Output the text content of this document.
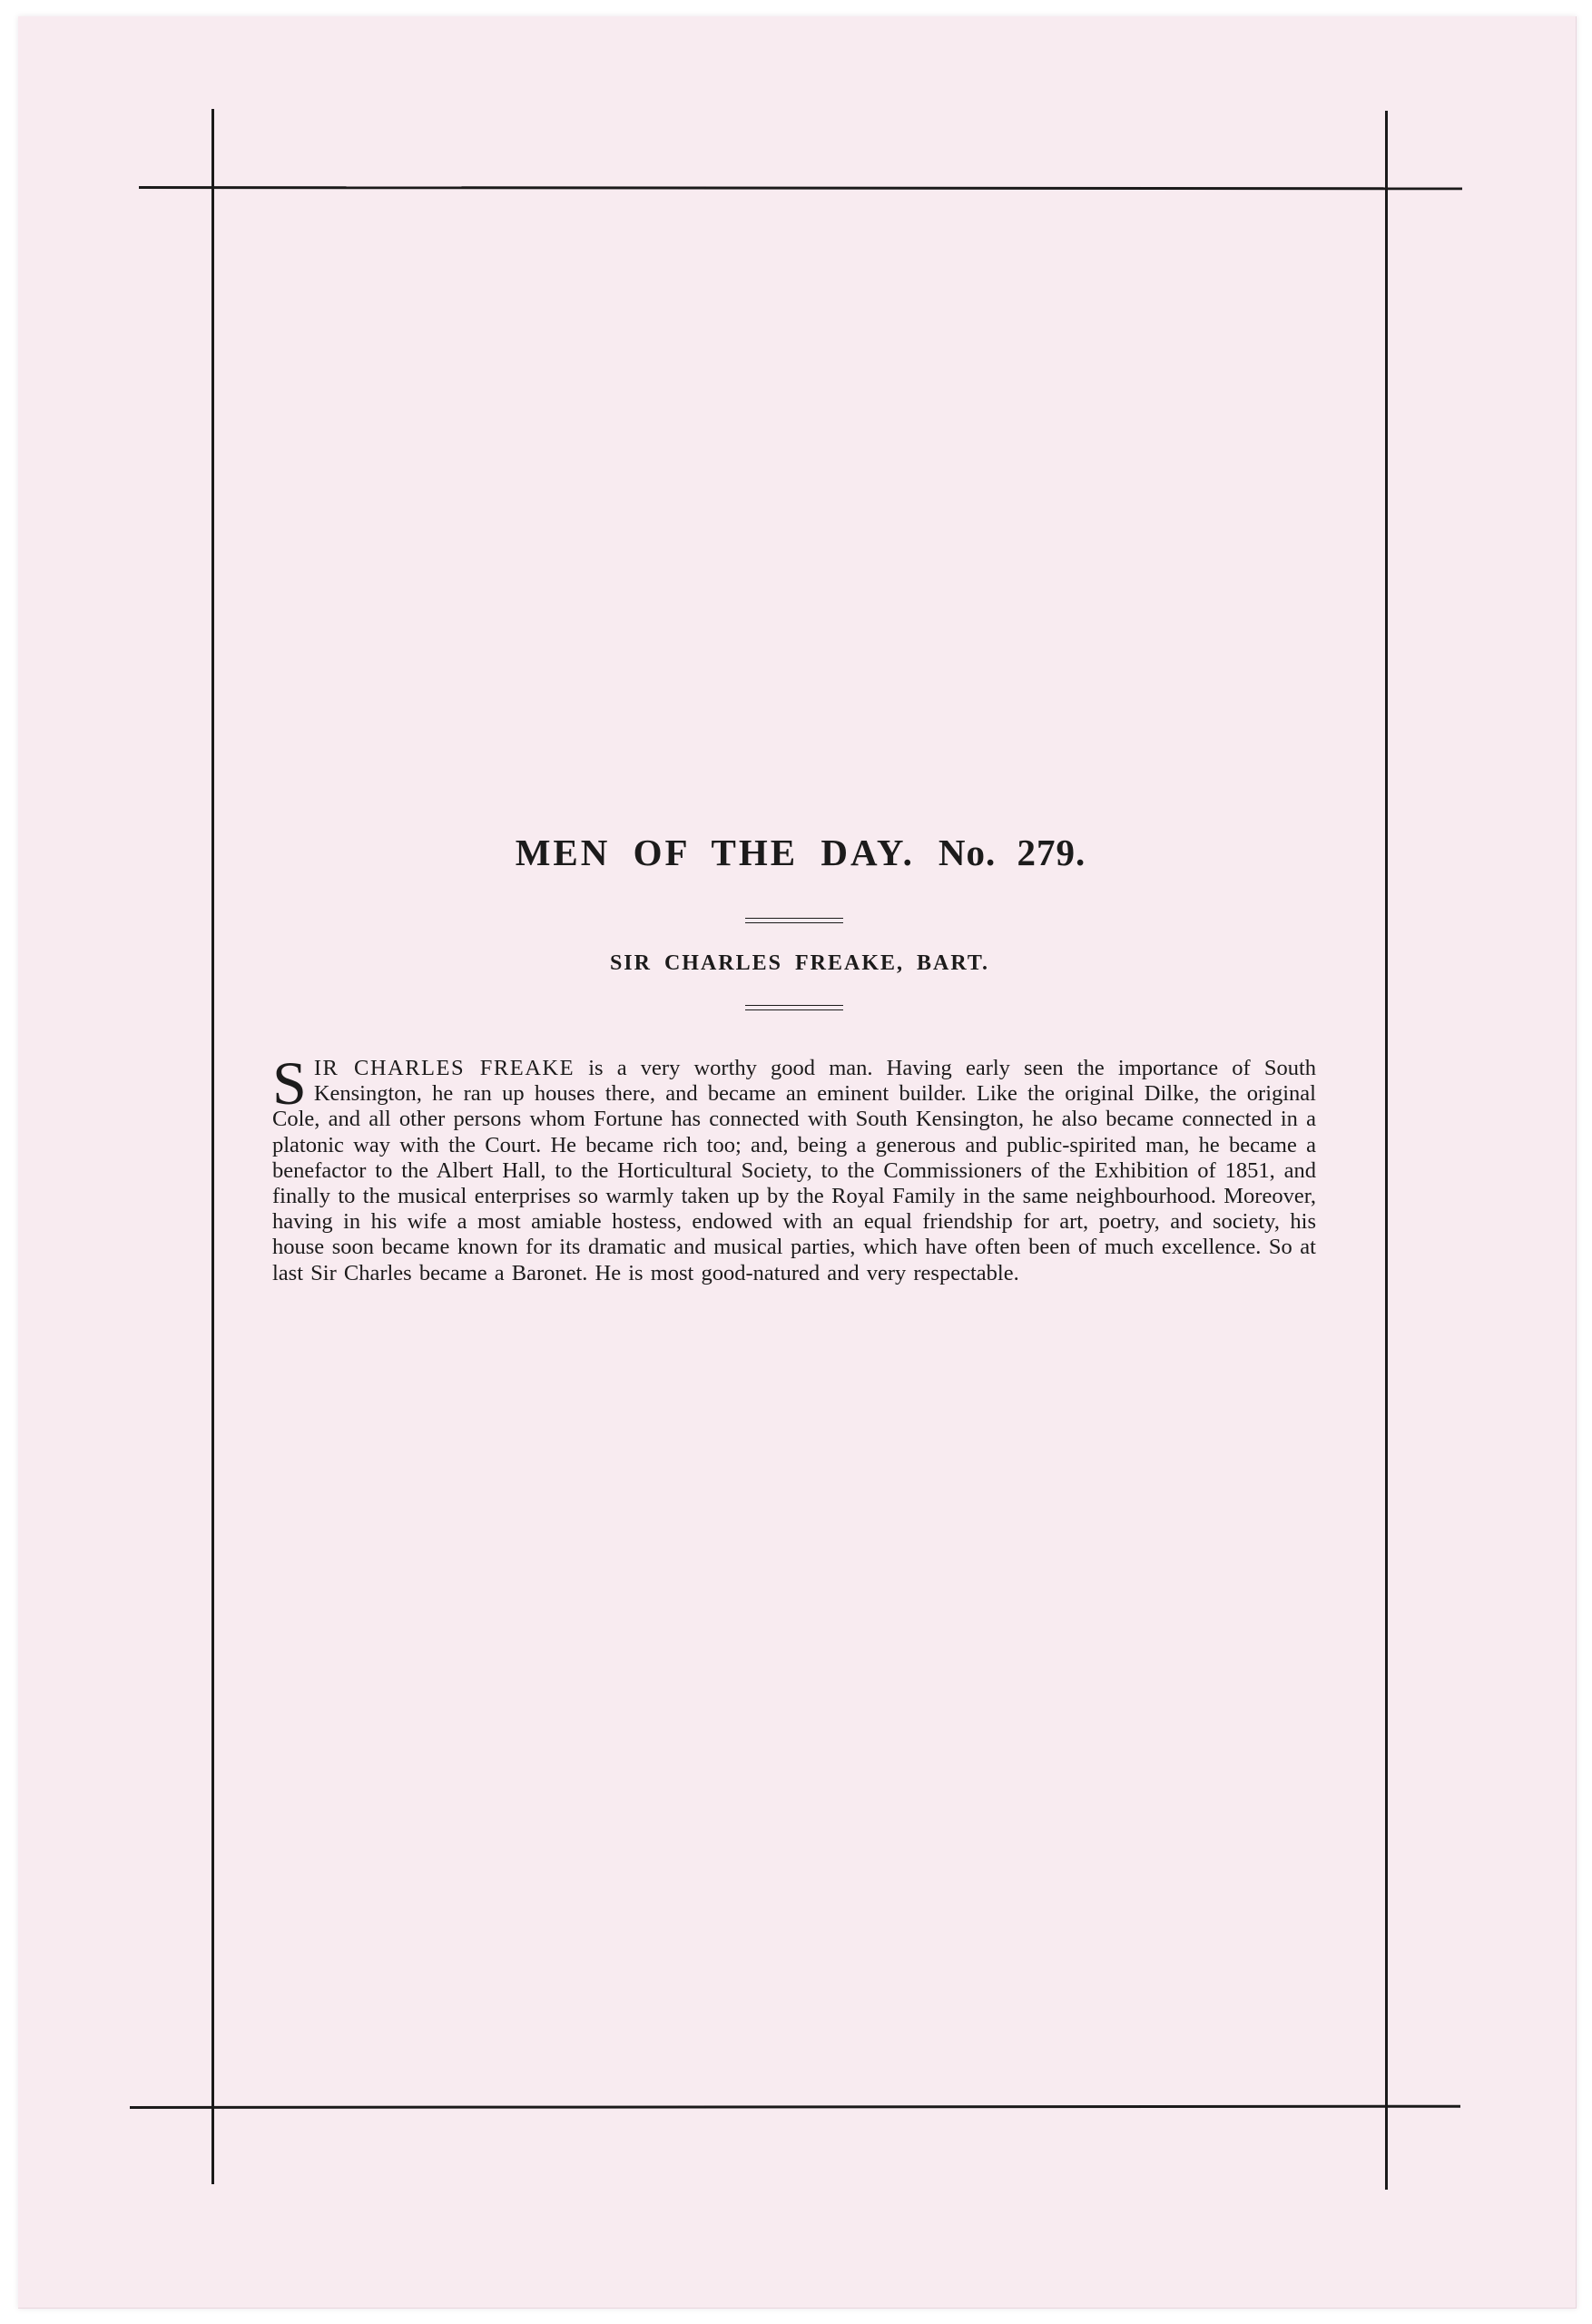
MEN OF THE DAY. No. 279.
SIR CHARLES FREAKE, BART.

SIR CHARLES FREAKE is a very worthy good man. Having early seen the importance of South Kensington, he ran up houses there, and became an eminent builder. Like the original Dilke, the original Cole, and all other persons whom Fortune has connected with South Kensington, he also became connected in a platonic way with the Court. He became rich too; and, being a generous and public-spirited man, he became a benefactor to the Albert Hall, to the Horticultural Society, to the Commissioners of the Exhibition of 1851, and finally to the musical enterprises so warmly taken up by the Royal Family in the same neighbourhood. Moreover, having in his wife a most amiable hostess, endowed with an equal friendship for art, poetry, and society, his house soon became known for its dramatic and musical parties, which have often been of much excellence. So at last Sir Charles became a Baronet. He is most good-natured and very respectable.
